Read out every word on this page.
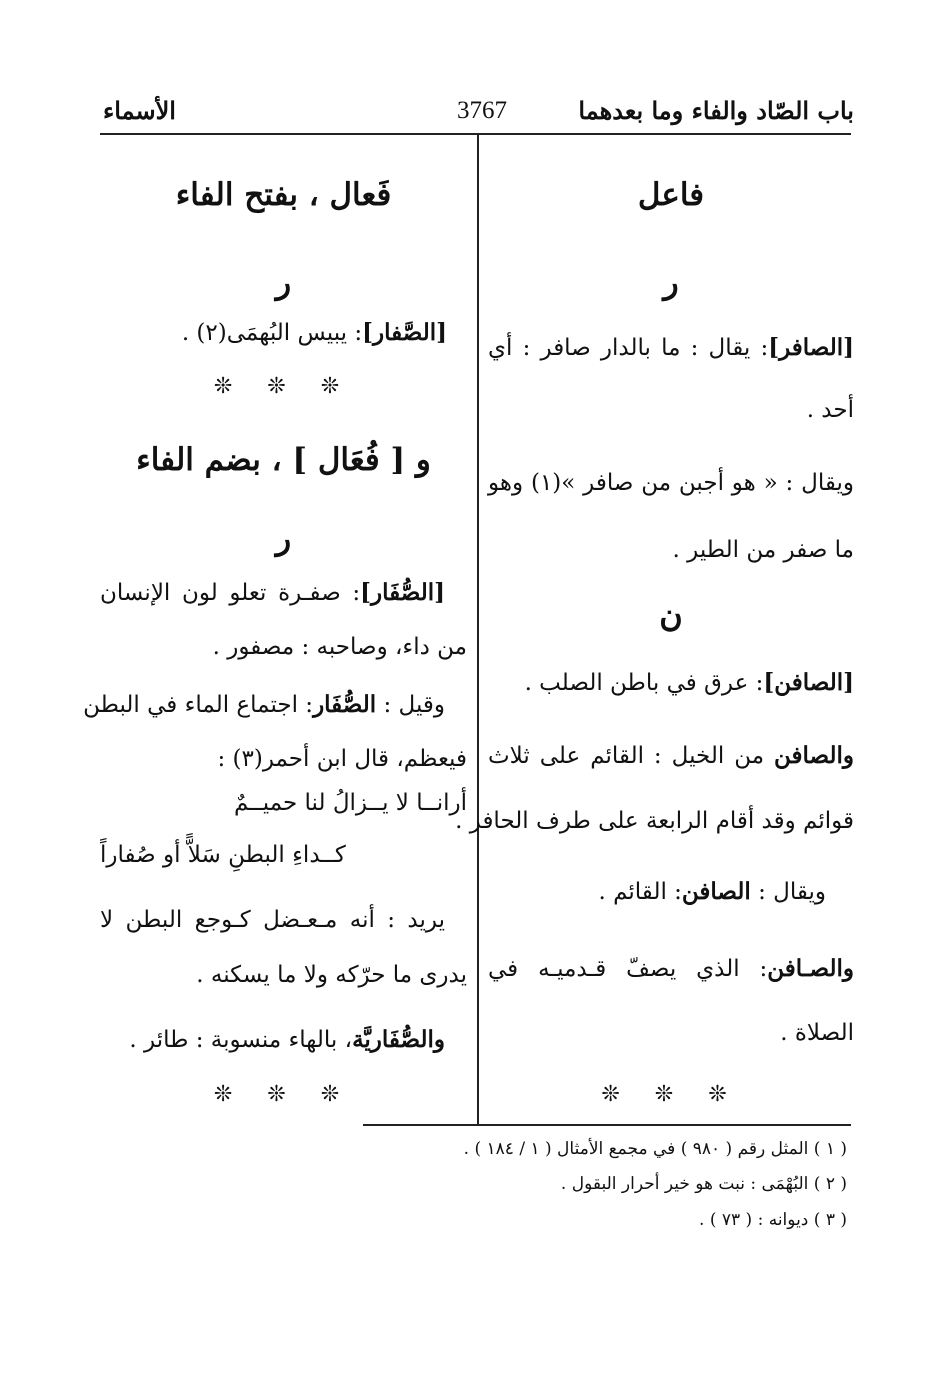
باب الصّاد والفاء وما بعدهما
3767
الأسماء
فاعل
ر
[الصافر]: يقال : ما بالدار صافر : أي
أحد .
ويقال : « هو أجبن من صافر »(١) وهو
ما صفر من الطير .
ن
[الصافن]: عرق في باطن الصلب .
والصافن من الخيل : القائم على ثلاث
قوائم وقد أقام الرابعة على طرف الحافر .
ويقال : الصافن: القائم .
والصـافن: الذي يصفّ قـدميـه في
الصلاة .
❊ ❊ ❊
فَعال ، بفتح الفاء
ر
[الصَّفار]: يبيس البُهمَى(٢) .
❊ ❊ ❊
و [ فُعَال ] ، بضم الفاء
ر
[الصُّفَار]: صفـرة تعلو لون الإنسان
من داء، وصاحبه : مصفور .
وقيل : الصُّفَار: اجتماع الماء في البطن
فيعظم، قال ابن أحمر(٣) :
أرانــا لا يــزالُ لنا حميــمٌ
كــداءِ البطنِ سَلاًّ أو صُفاراً
يريد : أنه مـعـضل كـوجع البطن لا
يدرى ما حرّكه ولا ما يسكنه .
والصُّفَاريَّة، بالهاء منسوبة : طائر .
❊ ❊ ❊
( ١ ) المثل رقم ( ٩٨٠ ) في مجمع الأمثال ( ١ / ١٨٤ ) .
( ٢ ) البُهْمَى : نبت هو خير أحرار البقول .
( ٣ ) ديوانه : ( ٧٣ ) .
